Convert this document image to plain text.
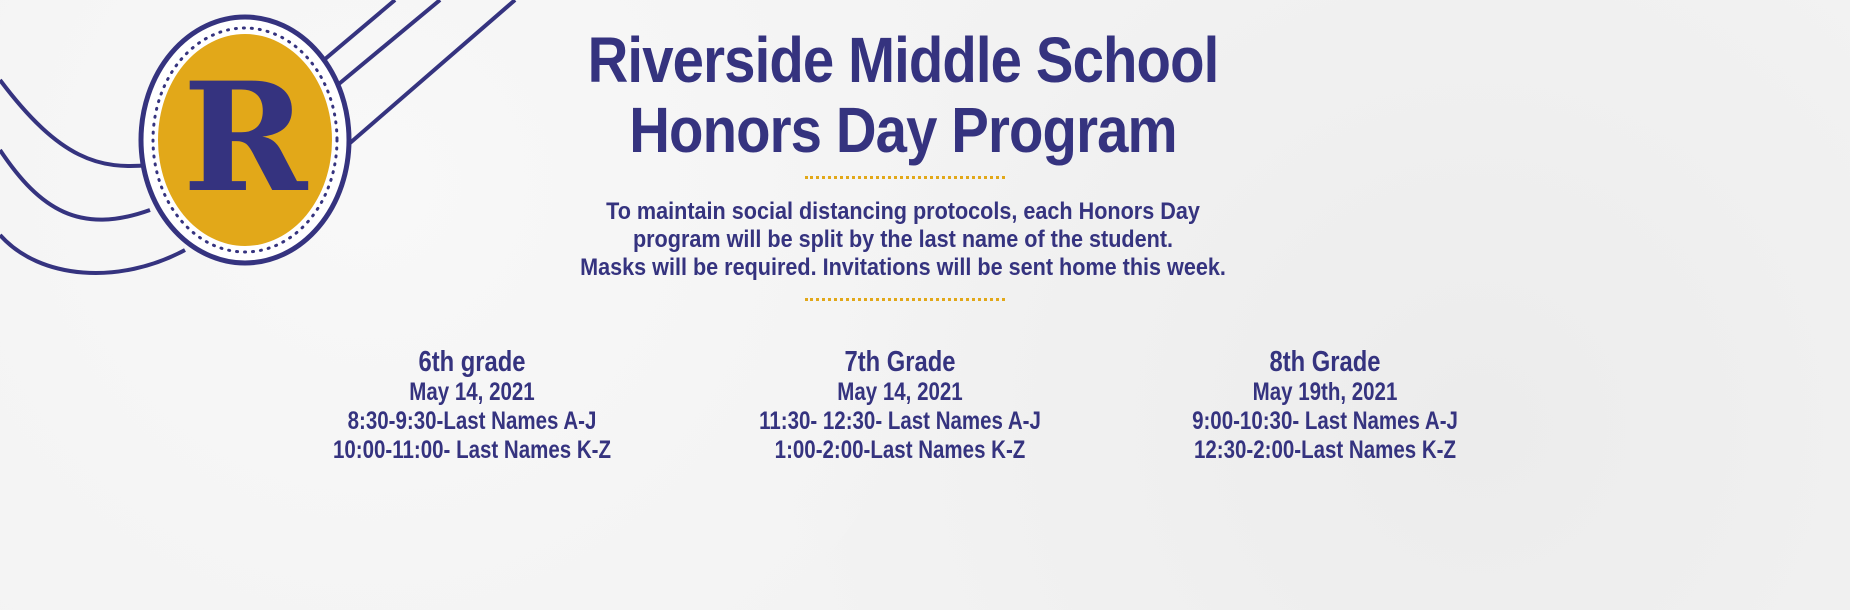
R	Riverside Middle School
Honors Day Program
To maintain social distancing protocols, each Honors Day
program will be split by the last name of the student.
Masks will be required. Invitations will be sent home this week.
6th grade
May 14, 2021
8:30-9:30-Last Names A-J
10:00-11:00- Last Names K-Z
7th Grade
May 14, 2021
11:30- 12:30- Last Names A-J
1:00-2:00-Last Names K-Z
8th Grade
May 19th, 2021
9:00-10:30- Last Names A-J
12:30-2:00-Last Names K-Z
